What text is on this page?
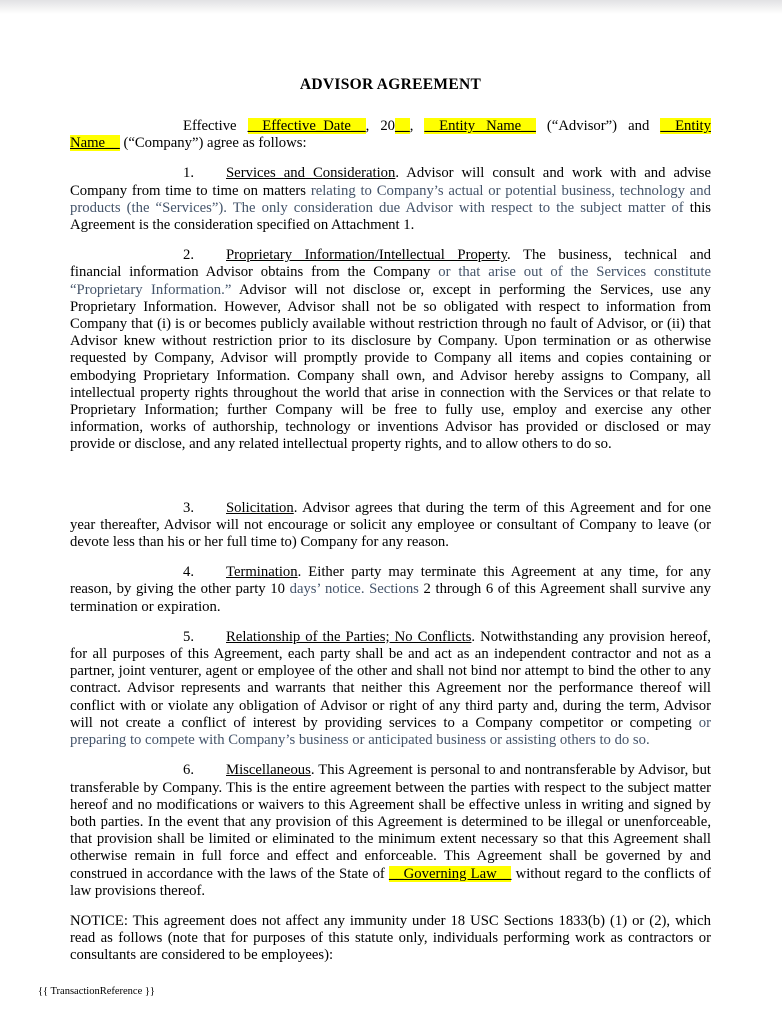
ADVISOR AGREEMENT

Effective __Effective_Date__, 20__, __Entity Name__ (“Advisor”) and __Entity Name__ (“Company”) agree as follows:

1. Services and Consideration. Advisor will consult and work with and advise Company from time to time on matters relating to Company’s actual or potential business, technology and products (the “Services”). The only consideration due Advisor with respect to the subject matter of this Agreement is the consideration specified on Attachment 1.

2. Proprietary Information/Intellectual Property. The business, technical and financial information Advisor obtains from the Company or that arise out of the Services constitute “Proprietary Information.” Advisor will not disclose or, except in performing the Services, use any Proprietary Information. However, Advisor shall not be so obligated with respect to information from Company that (i) is or becomes publicly available without restriction through no fault of Advisor, or (ii) that Advisor knew without restriction prior to its disclosure by Company. Upon termination or as otherwise requested by Company, Advisor will promptly provide to Company all items and copies containing or embodying Proprietary Information. Company shall own, and Advisor hereby assigns to Company, all intellectual property rights throughout the world that arise in connection with the Services or that relate to Proprietary Information; further Company will be free to fully use, employ and exercise any other information, works of authorship, technology or inventions Advisor has provided or disclosed or may provide or disclose, and any related intellectual property rights, and to allow others to do so.

3. Solicitation. Advisor agrees that during the term of this Agreement and for one year thereafter, Advisor will not encourage or solicit any employee or consultant of Company to leave (or devote less than his or her full time to) Company for any reason.

4. Termination. Either party may terminate this Agreement at any time, for any reason, by giving the other party 10 days’ notice. Sections 2 through 6 of this Agreement shall survive any termination or expiration.

5. Relationship of the Parties; No Conflicts. Notwithstanding any provision hereof, for all purposes of this Agreement, each party shall be and act as an independent contractor and not as a partner, joint venturer, agent or employee of the other and shall not bind nor attempt to bind the other to any contract. Advisor represents and warrants that neither this Agreement nor the performance thereof will conflict with or violate any obligation of Advisor or right of any third party and, during the term, Advisor will not create a conflict of interest by providing services to a Company competitor or competing or preparing to compete with Company’s business or anticipated business or assisting others to do so.

6. Miscellaneous. This Agreement is personal to and nontransferable by Advisor, but transferable by Company. This is the entire agreement between the parties with respect to the subject matter hereof and no modifications or waivers to this Agreement shall be effective unless in writing and signed by both parties. In the event that any provision of this Agreement is determined to be illegal or unenforceable, that provision shall be limited or eliminated to the minimum extent necessary so that this Agreement shall otherwise remain in full force and effect and enforceable. This Agreement shall be governed by and construed in accordance with the laws of the State of __Governing Law__ without regard to the conflicts of law provisions thereof.

NOTICE: This agreement does not affect any immunity under 18 USC Sections 1833(b) (1) or (2), which read as follows (note that for purposes of this statute only, individuals performing work as contractors or consultants are considered to be employees):

{{ TransactionReference }}
